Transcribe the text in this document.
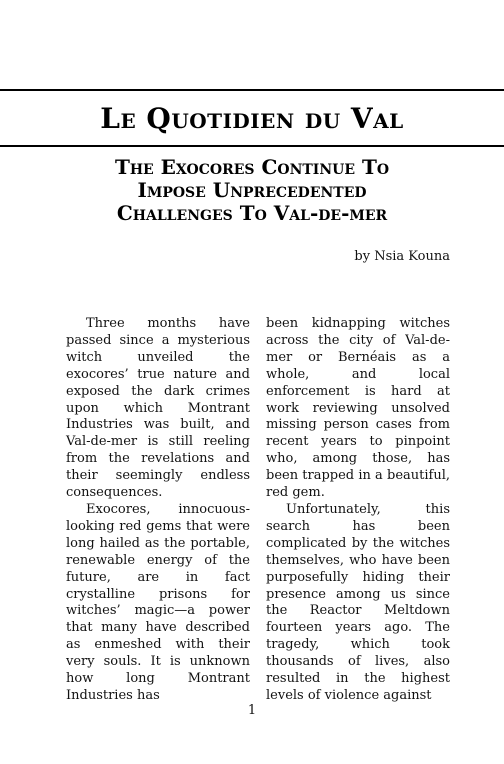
Le Quotidien du Val
The Exocores Continue To
Impose Unprecedented
Challenges To Val-de-mer
by Nsia Kouna

Three months have passed since a mysterious witch unveiled the exocores’ true nature and exposed the dark crimes upon which Montrant Industries was built, and Val-de-mer is still reeling from the revelations and their seemingly endless consequences.

Exocores, innocuous-looking red gems that were long hailed as the portable, renewable energy of the future, are in fact crystalline prisons for witches’ magic—a power that many have described as enmeshed with their very souls. It is unknown how long Montrant Industries has

been kidnapping witches across the city of Val-de-mer or Bernéais as a whole, and local enforcement is hard at work reviewing unsolved missing person cases from recent years to pinpoint who, among those, has been trapped in a beautiful, red gem.

Unfortunately, this search has been complicated by the witches themselves, who have been purposefully hiding their presence among us since the Reactor Meltdown fourteen years ago. The tragedy, which took thousands of lives, also resulted in the highest levels of violence against

1
